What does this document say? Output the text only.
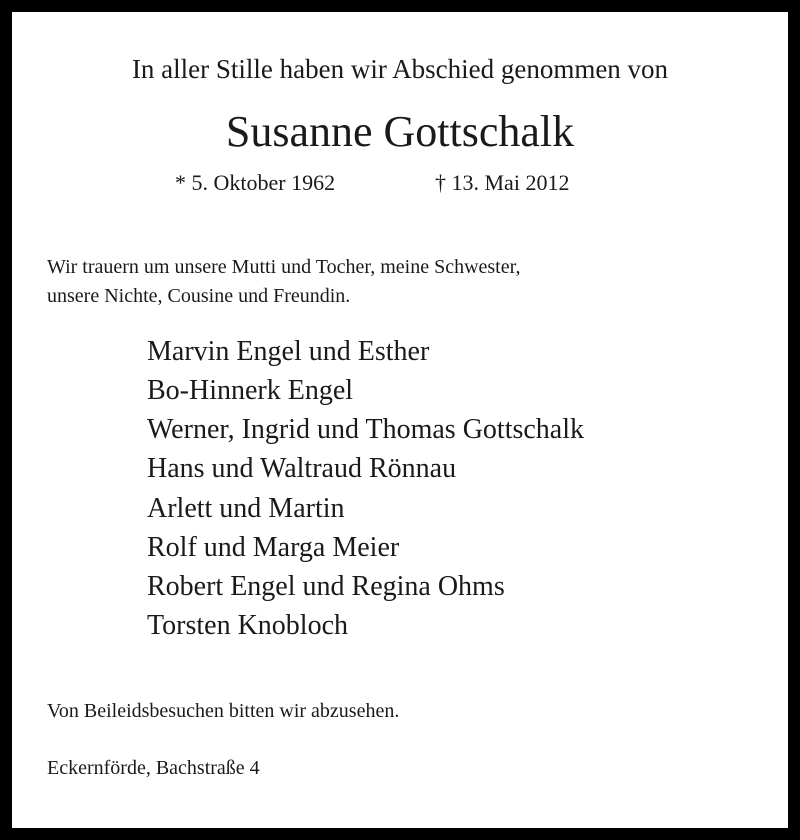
In aller Stille haben wir Abschied genommen von
Susanne Gottschalk
* 5. Oktober 1962	† 13. Mai 2012
Wir trauern um unsere Mutti und Tocher, meine Schwester,
unsere Nichte, Cousine und Freundin.
Marvin Engel und Esther
Bo-Hinnerk Engel
Werner, Ingrid und Thomas Gottschalk
Hans und Waltraud Rönnau
Arlett und Martin
Rolf und Marga Meier
Robert Engel und Regina Ohms
Torsten Knobloch
Von Beileidsbesuchen bitten wir abzusehen.
Eckernförde, Bachstraße 4
